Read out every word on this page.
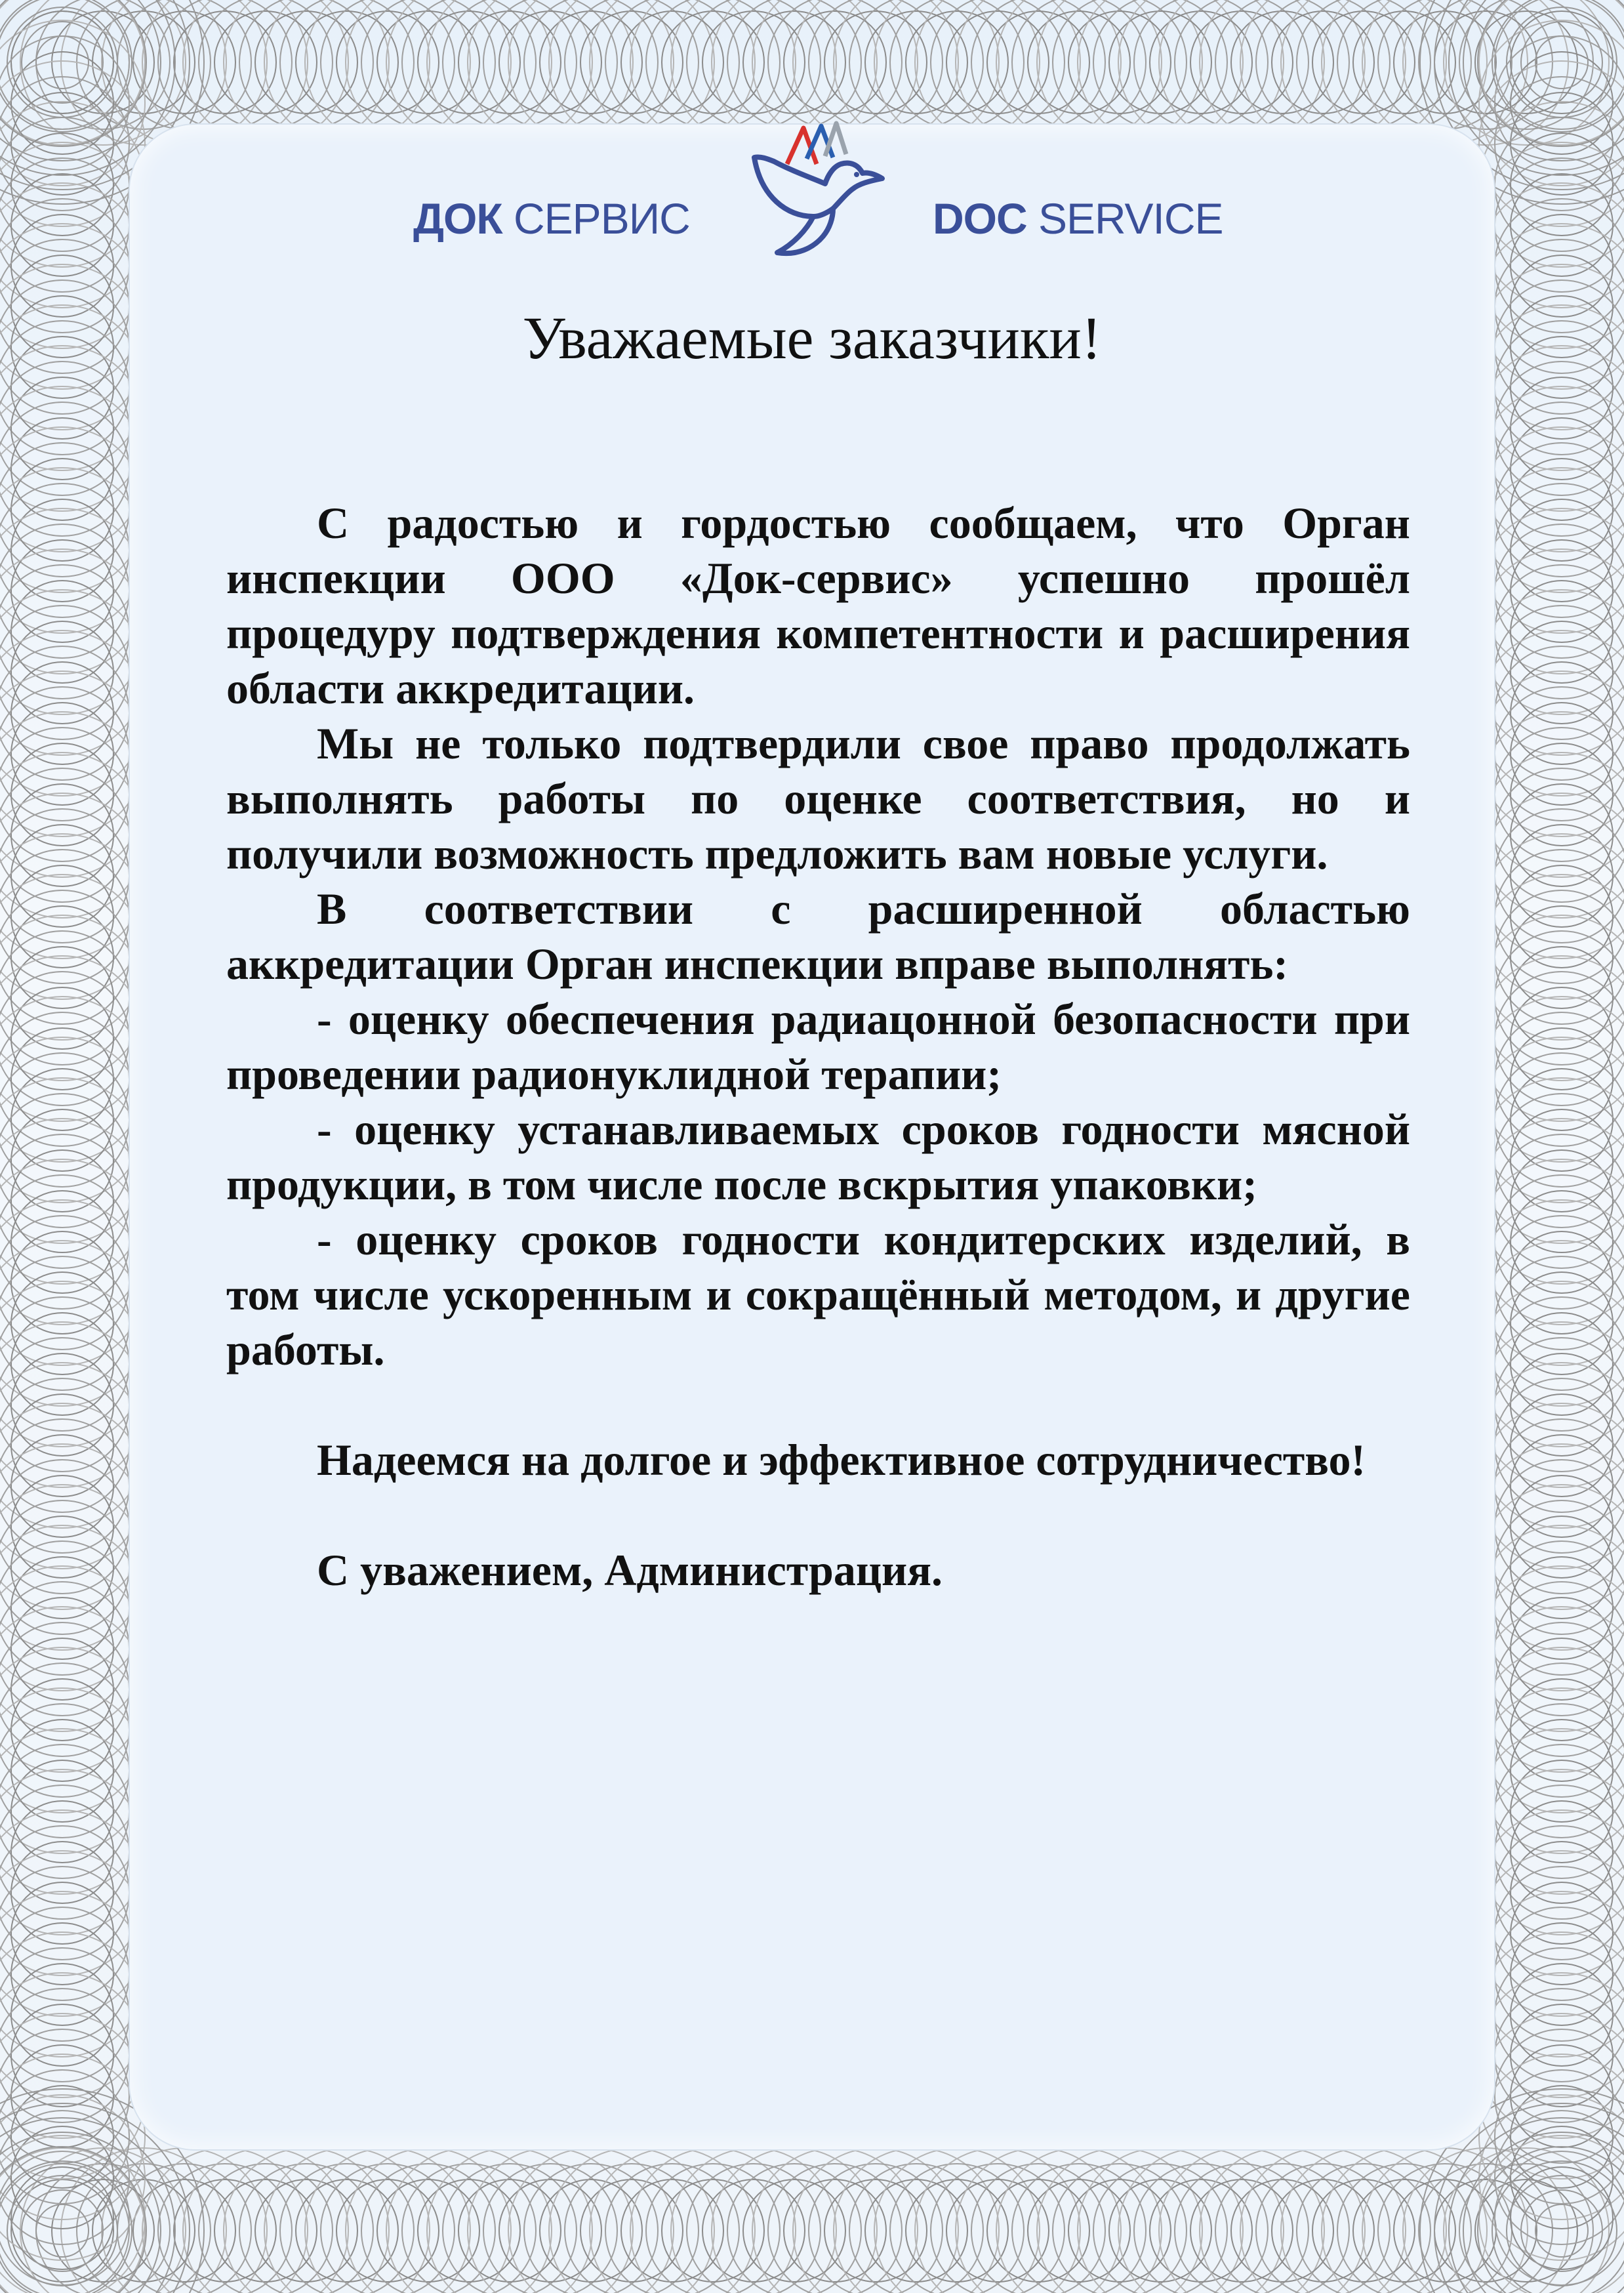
ДОК СЕРВИС	DOC SERVICE
Уважаемые заказчики!

С радостью и гордостью сообщаем, что Орган инспекции ООО «Док-сервис» успешно прошёл процедуру подтверждения компетентности и расширения области аккредитации.

Мы не только подтвердили свое право продолжать выполнять работы по оценке соответствия, но и получили возможность предложить вам новые услуги.

В соответствии с расширенной областью аккредитации Орган инспекции вправе выполнять:

- оценку обеспечения радиацонной безопасности при проведении радионуклидной терапии;

- оценку устанавливаемых сроков годности мясной продукции, в том числе после вскрытия упаковки;

- оценку сроков годности кондитерских изделий, в том числе ускоренным и сокращённый методом, и другие работы.

Надеемся на долгое и эффективное сотрудничество!

С уважением, Администрация.
